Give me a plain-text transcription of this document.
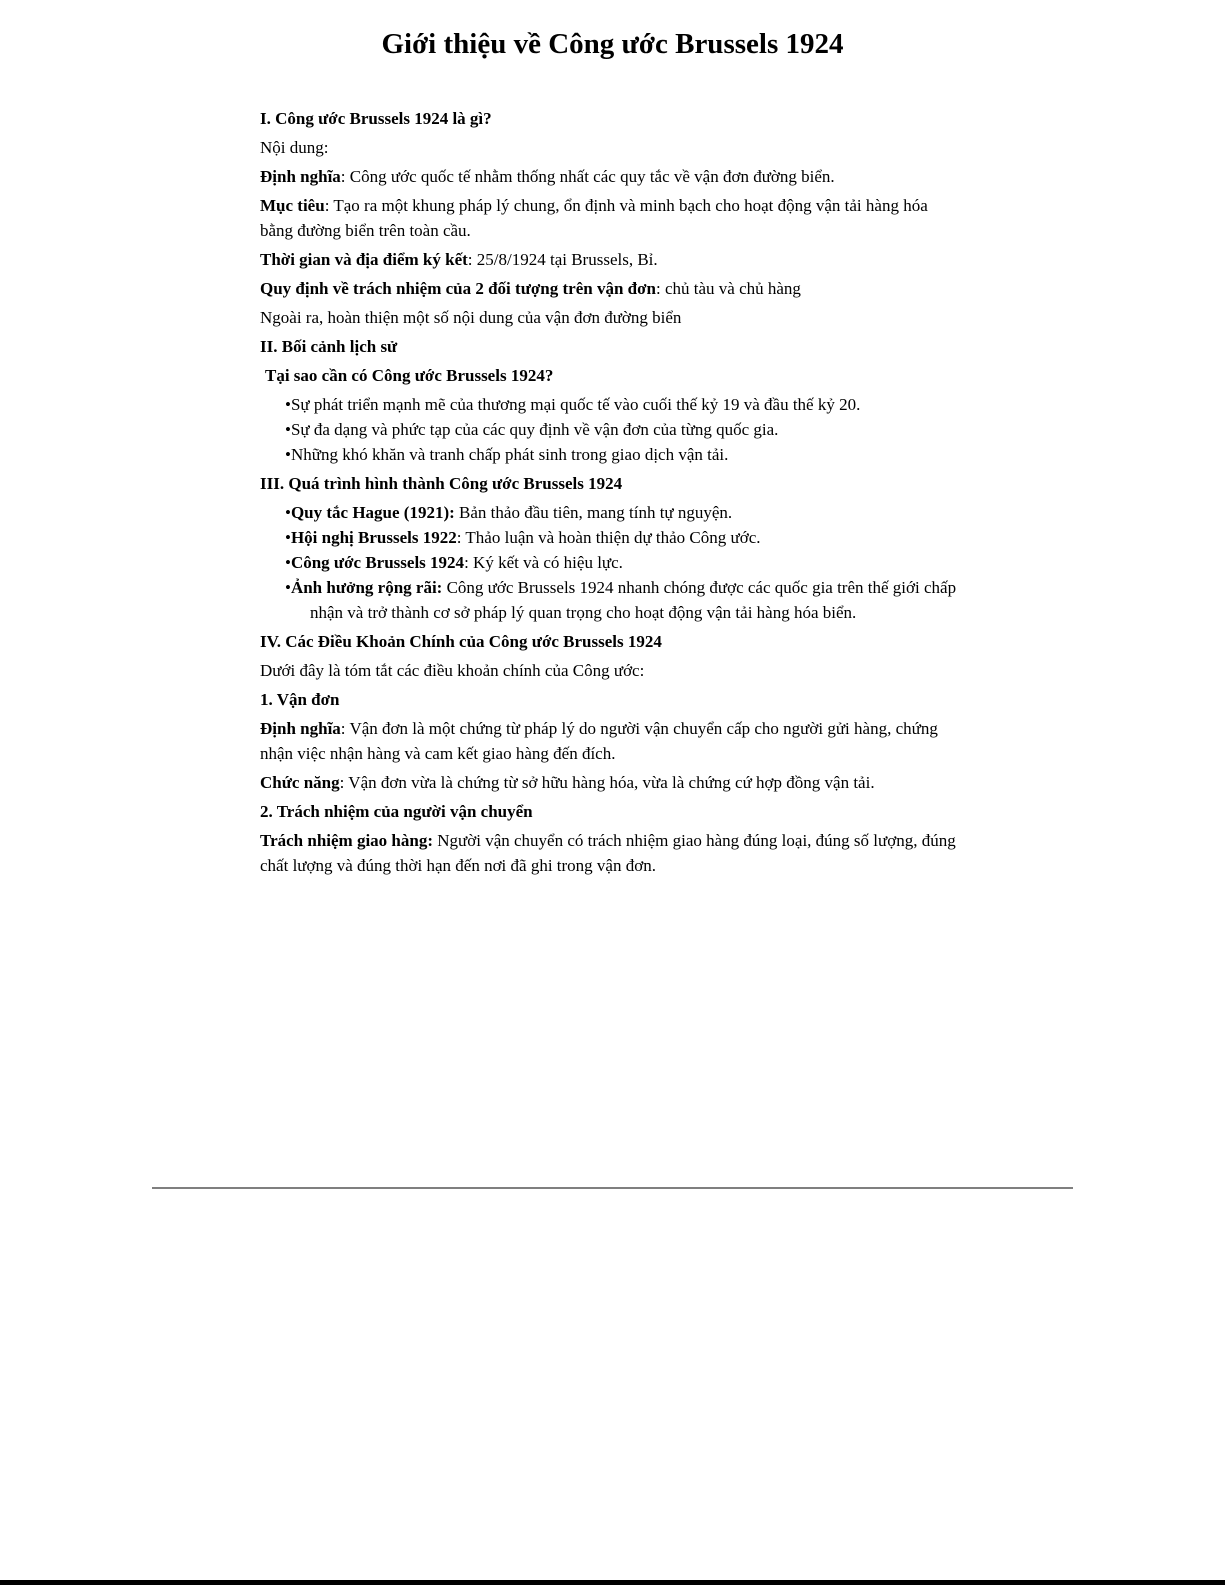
Giới thiệu về Công ước Brussels 1924
I. Công ước Brussels 1924 là gì?

Nội dung:

Định nghĩa: Công ước quốc tế nhằm thống nhất các quy tắc về vận đơn đường biển.

Mục tiêu: Tạo ra một khung pháp lý chung, ổn định và minh bạch cho hoạt động vận tải hàng hóa bằng đường biển trên toàn cầu.

Thời gian và địa điểm ký kết: 25/8/1924 tại Brussels, Bỉ.

Quy định về trách nhiệm của 2 đối tượng trên vận đơn: chủ tàu và chủ hàng

Ngoài ra, hoàn thiện một số nội dung của vận đơn đường biển

II. Bối cảnh lịch sử
Tại sao cần có Công ước Brussels 1924?
•Sự phát triển mạnh mẽ của thương mại quốc tế vào cuối thế kỷ 19 và đầu thế kỷ 20.
•Sự đa dạng và phức tạp của các quy định về vận đơn của từng quốc gia.
•Những khó khăn và tranh chấp phát sinh trong giao dịch vận tải.
III. Quá trình hình thành Công ước Brussels 1924
•Quy tắc Hague (1921): Bản thảo đầu tiên, mang tính tự nguyện.
•Hội nghị Brussels 1922: Thảo luận và hoàn thiện dự thảo Công ước.
•Công ước Brussels 1924: Ký kết và có hiệu lực.
•Ảnh hưởng rộng rãi: Công ước Brussels 1924 nhanh chóng được các quốc gia trên thế giới chấp nhận và trở thành cơ sở pháp lý quan trọng cho hoạt động vận tải hàng hóa biển.
IV. Các Điều Khoản Chính của Công ước Brussels 1924

Dưới đây là tóm tắt các điều khoản chính của Công ước:

1. Vận đơn

Định nghĩa: Vận đơn là một chứng từ pháp lý do người vận chuyển cấp cho người gửi hàng, chứng nhận việc nhận hàng và cam kết giao hàng đến đích.

Chức năng: Vận đơn vừa là chứng từ sở hữu hàng hóa, vừa là chứng cứ hợp đồng vận tải.

2. Trách nhiệm của người vận chuyển

Trách nhiệm giao hàng: Người vận chuyển có trách nhiệm giao hàng đúng loại, đúng số lượng, đúng chất lượng và đúng thời hạn đến nơi đã ghi trong vận đơn.
